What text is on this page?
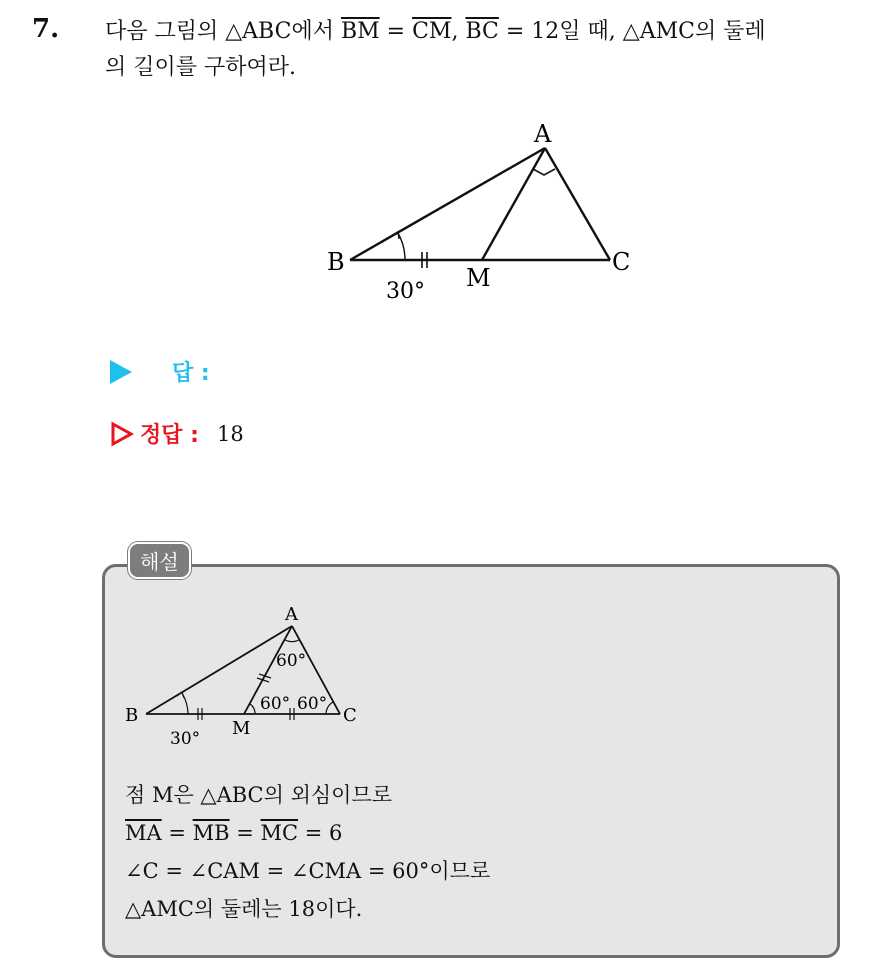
7. 다음 그림의 △ABC에서 $\overline{BM} = \overline{CM}$, $\overline{BC} = 12$일 때, △AMC의 둘레
의 길이를 구하여라.
A
B	C
M
30°
답 :
정답 : 18
해설
A
B	C
M
30°
60°
60° 60°
점 M은 △ABC의 외심이므로
$\overline{MA} = \overline{MB} = \overline{MC} = 6$
∠C = ∠CAM = ∠CMA = 60°이므로
△AMC의 둘레는 18이다.
